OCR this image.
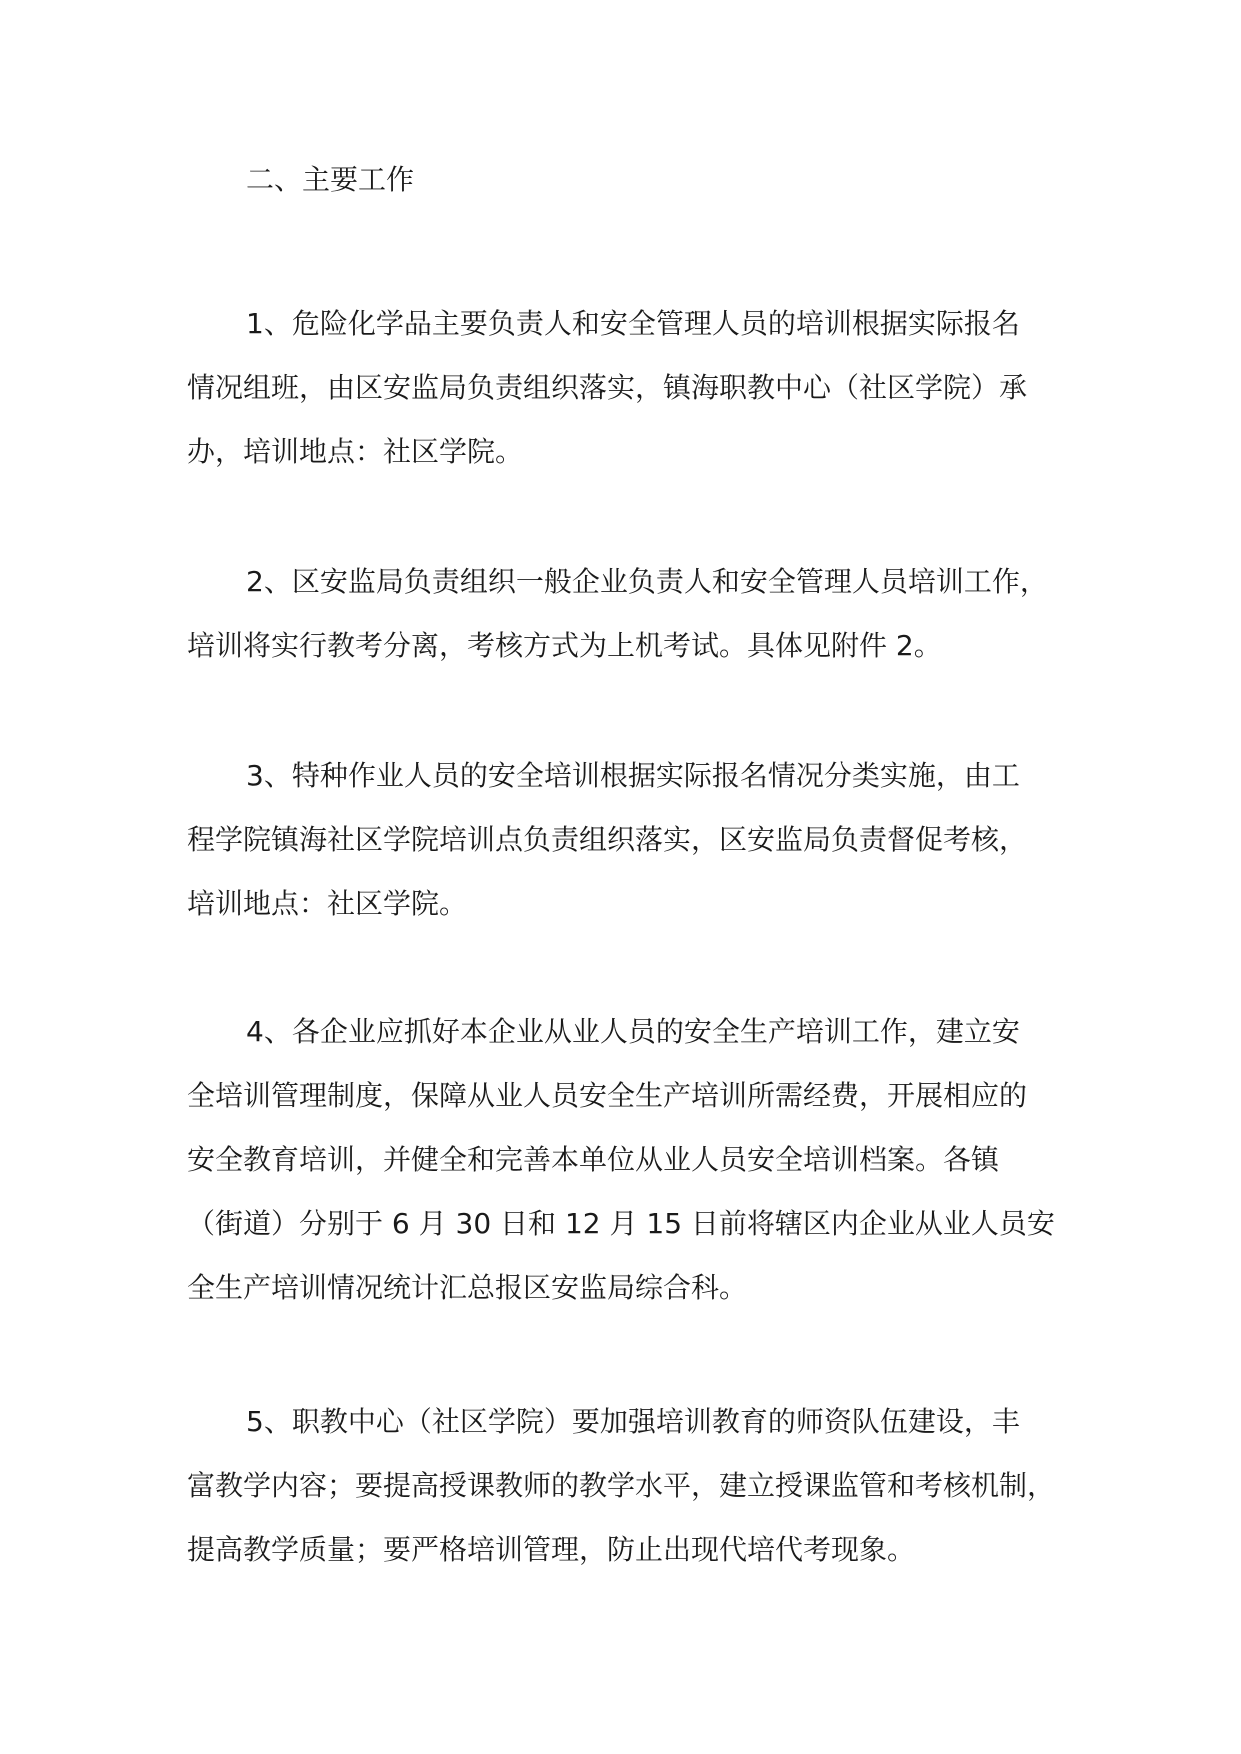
二、主要工作

1、危险化学品主要负责人和安全管理人员的培训根据实际报名
情况组班，由区安监局负责组织落实，镇海职教中心（社区学院）承
办，培训地点：社区学院。

2、区安监局负责组织一般企业负责人和安全管理人员培训工作，
培训将实行教考分离，考核方式为上机考试。具体见附件 2。

3、特种作业人员的安全培训根据实际报名情况分类实施，由工
程学院镇海社区学院培训点负责组织落实，区安监局负责督促考核，
培训地点：社区学院。

4、各企业应抓好本企业从业人员的安全生产培训工作，建立安
全培训管理制度，保障从业人员安全生产培训所需经费，开展相应的
安全教育培训，并健全和完善本单位从业人员安全培训档案。各镇
（街道）分别于 6 月 30 日和 12 月 15 日前将辖区内企业从业人员安
全生产培训情况统计汇总报区安监局综合科。

5、职教中心（社区学院）要加强培训教育的师资队伍建设，丰
富教学内容；要提高授课教师的教学水平，建立授课监管和考核机制，
提高教学质量；要严格培训管理，防止出现代培代考现象。
